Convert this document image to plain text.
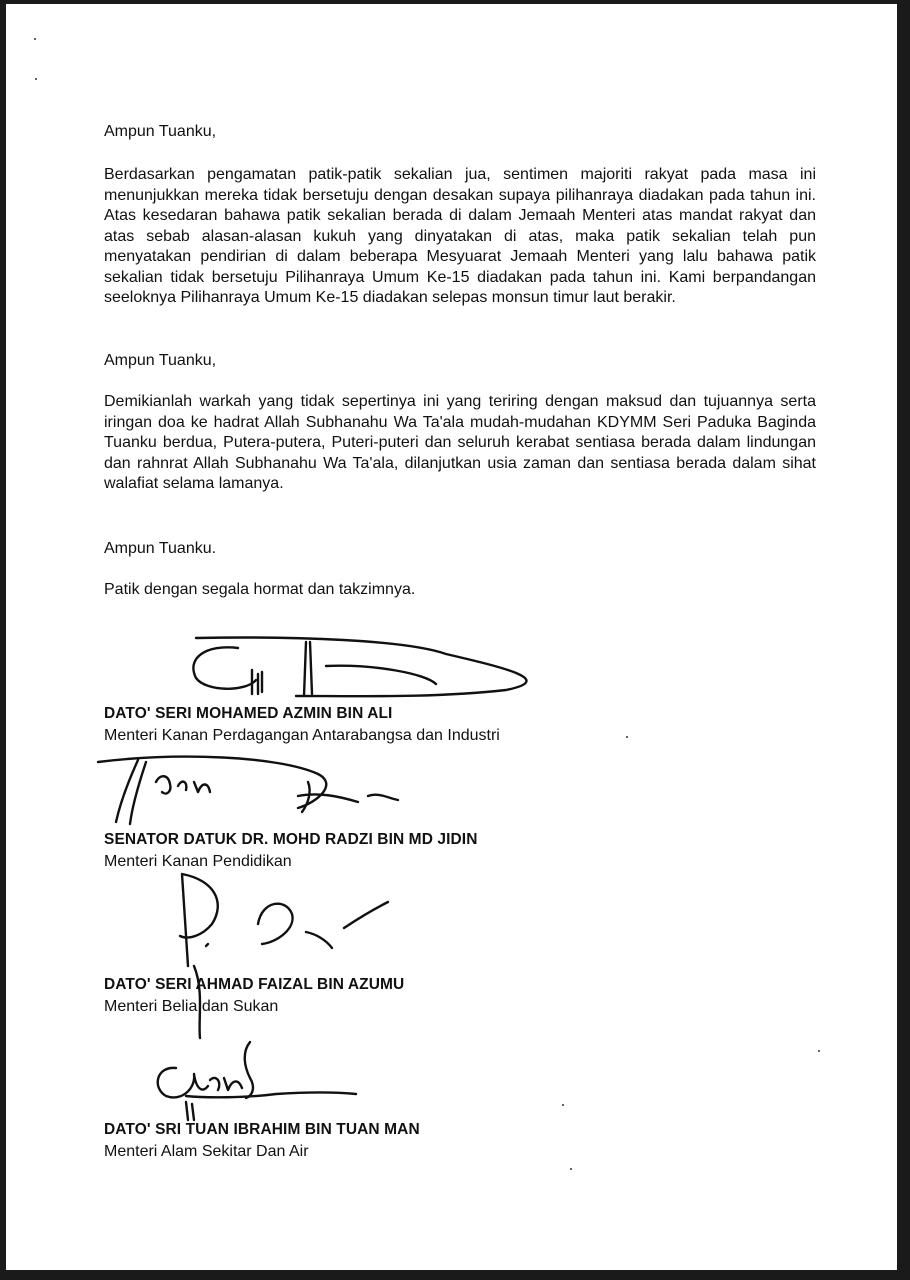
Ampun Tuanku,
Berdasarkan pengamatan patik-patik sekalian jua, sentimen majoriti rakyat pada masa ini menunjukkan mereka tidak bersetuju dengan desakan supaya pilihanraya diadakan pada tahun ini. Atas kesedaran bahawa patik sekalian berada di dalam Jemaah Menteri atas mandat rakyat dan atas sebab alasan-alasan kukuh yang dinyatakan di atas, maka patik sekalian telah pun menyatakan pendirian di dalam beberapa Mesyuarat Jemaah Menteri yang lalu bahawa patik sekalian tidak bersetuju Pilihanraya Umum Ke-15 diadakan pada tahun ini. Kami berpandangan seeloknya Pilihanraya Umum Ke-15 diadakan selepas monsun timur laut berakir.
Ampun Tuanku,
Demikianlah warkah yang tidak sepertinya ini yang teriring dengan maksud dan tujuannya serta iringan doa ke hadrat Allah Subhanahu Wa Ta'ala mudah-mudahan KDYMM Seri Paduka Baginda Tuanku berdua, Putera-putera, Puteri-puteri dan seluruh kerabat sentiasa berada dalam lindungan dan rahnrat Allah Subhanahu Wa Ta'ala, dilanjutkan usia zaman dan sentiasa berada dalam sihat walafiat selama lamanya.
Ampun Tuanku.
Patik dengan segala hormat dan takzimnya.
DATO' SERI MOHAMED AZMIN BIN ALI
Menteri Kanan Perdagangan Antarabangsa dan Industri
SENATOR DATUK DR. MOHD RADZI BIN MD JIDIN
Menteri Kanan Pendidikan
DATO' SERI AHMAD FAIZAL BIN AZUMU
Menteri Belia dan Sukan
DATO' SRI TUAN IBRAHIM BIN TUAN MAN
Menteri Alam Sekitar Dan Air
